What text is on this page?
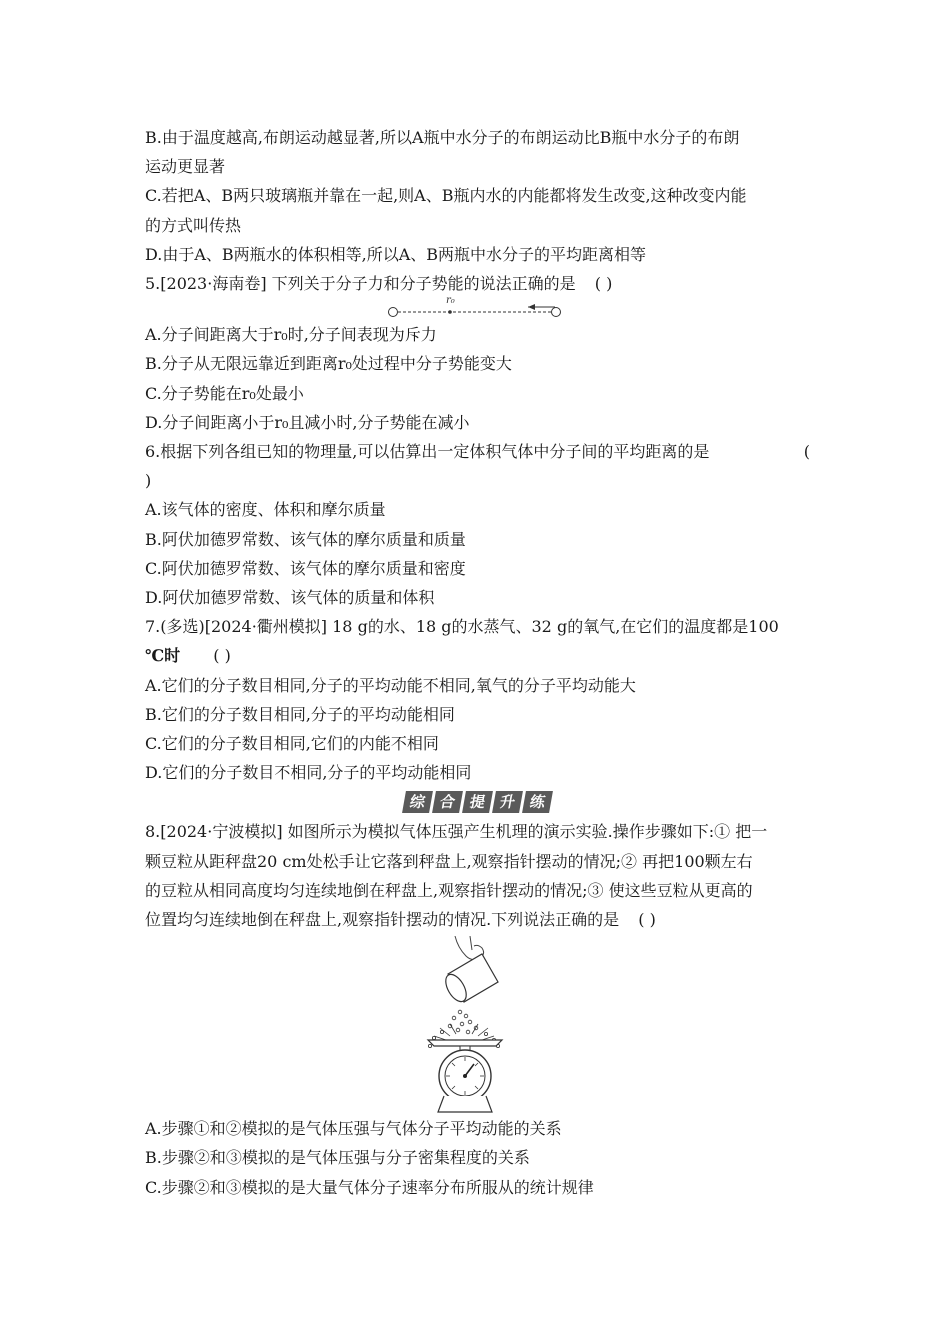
B.由于温度越高,布朗运动越显著,所以A瓶中水分子的布朗运动比B瓶中水分子的布朗
运动更显著
C.若把A、B两只玻璃瓶并靠在一起,则A、B瓶内水的内能都将发生改变,这种改变内能
的方式叫传热
D.由于A、B两瓶水的体积相等,所以A、B两瓶中水分子的平均距离相等
5.[2023·海南卷] 下列关于分子力和分子势能的说法正确的是 ( )
r₀
A.分子间距离大于r₀时,分子间表现为斥力
B.分子从无限远靠近到距离r₀处过程中分子势能变大
C.分子势能在r₀处最小
D.分子间距离小于r₀且减小时,分子势能在减小
6.根据下列各组已知的物理量,可以估算出一定体积气体中分子间的平均距离的是	(
)
A.该气体的密度、体积和摩尔质量
B.阿伏加德罗常数、该气体的摩尔质量和质量
C.阿伏加德罗常数、该气体的摩尔质量和密度
D.阿伏加德罗常数、该气体的质量和体积
7.(多选)[2024·衢州模拟] 18 g的水、18 g的水蒸气、32 g的氧气,在它们的温度都是100
℃时 ( )
A.它们的分子数目相同,分子的平均动能不相同,氧气的分子平均动能大
B.它们的分子数目相同,分子的平均动能相同
C.它们的分子数目相同,它们的内能不相同
D.它们的分子数目不相同,分子的平均动能相同
综 合 提 升 练
8.[2024·宁波模拟] 如图所示为模拟气体压强产生机理的演示实验.操作步骤如下:① 把一
颗豆粒从距秤盘20 cm处松手让它落到秤盘上,观察指针摆动的情况;② 再把100颗左右
的豆粒从相同高度均匀连续地倒在秤盘上,观察指针摆动的情况;③ 使这些豆粒从更高的
位置均匀连续地倒在秤盘上,观察指针摆动的情况.下列说法正确的是 ( )
A.步骤①和②模拟的是气体压强与气体分子平均动能的关系
B.步骤②和③模拟的是气体压强与分子密集程度的关系
C.步骤②和③模拟的是大量气体分子速率分布所服从的统计规律
